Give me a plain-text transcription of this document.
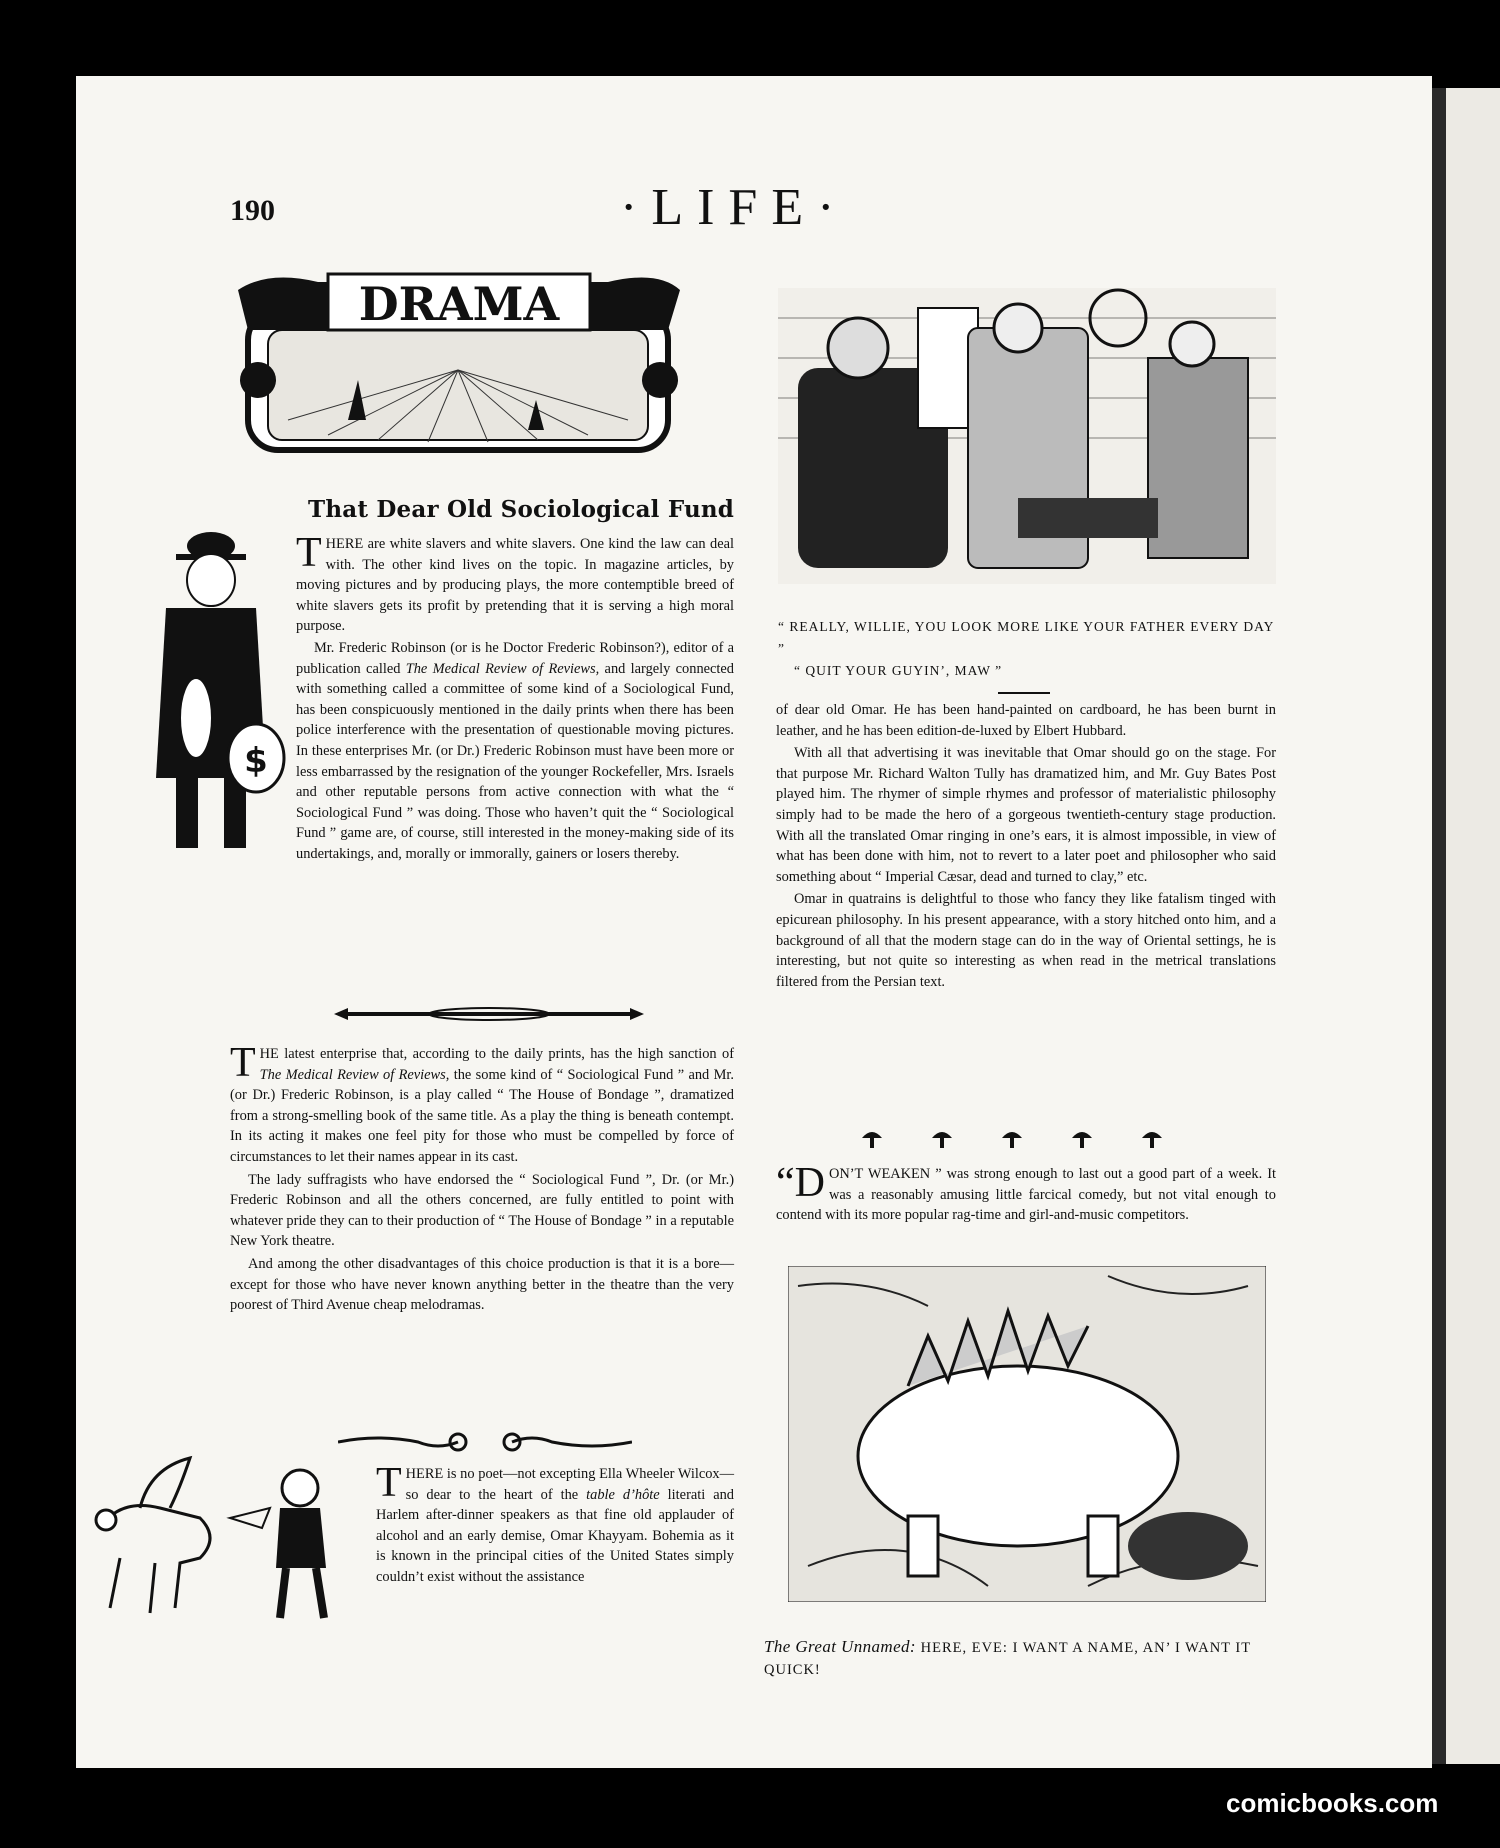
190	·LIFE·
DRAMA
That Dear Old Sociological Fund
$

THERE are white slavers and white slavers. One kind the law can deal with. The other kind lives on the topic. In magazine articles, by moving pictures and by producing plays, the more contemptible breed of white slavers gets its profit by pretending that it is serving a high moral purpose.

Mr. Frederic Robinson (or is he Doctor Frederic Robinson?), editor of a publication called The Medical Review of Reviews, and largely connected with something called a committee of some kind of a Sociological Fund, has been conspicuously mentioned in the daily prints when there has been police interference with the presentation of questionable moving pictures. In these enterprises Mr. (or Dr.) Frederic Robinson must have been more or less embarrassed by the resignation of the younger Rockefeller, Mrs. Israels and other reputable persons from active connection with what the “ Sociological Fund ” was doing. Those who haven’t quit the “ Sociological Fund ” game are, of course, still interested in the money-making side of its undertakings, and, morally or immorally, gainers or losers thereby.

THE latest enterprise that, according to the daily prints, has the high sanction of The Medical Review of Reviews, the some kind of “ Sociological Fund ” and Mr. (or Dr.) Frederic Robinson, is a play called “ The House of Bondage ”, dramatized from a strong-smelling book of the same title. As a play the thing is beneath contempt. In its acting it makes one feel pity for those who must be compelled by force of circumstances to let their names appear in its cast.

The lady suffragists who have endorsed the “ Sociological Fund ”, Dr. (or Mr.) Frederic Robinson and all the others concerned, are fully entitled to point with whatever pride they can to their production of “ The House of Bondage ” in a reputable New York theatre.

And among the other disadvantages of this choice production is that it is a bore—except for those who have never known anything better in the theatre than the very poorest of Third Avenue cheap melodramas.

THERE is no poet—not excepting Ella Wheeler Wilcox—so dear to the heart of the table d’hôte literati and Harlem after-dinner speakers as that fine old applauder of alcohol and an early demise, Omar Khayyam. Bohemia as it is known in the principal cities of the United States simply couldn’t exist without the assistance

“ REALLY, WILLIE, YOU LOOK MORE LIKE YOUR FATHER EVERY DAY ”
“ QUIT YOUR GUYIN’, MAW ”

of dear old Omar. He has been hand-painted on cardboard, he has been burnt in leather, and he has been edition-de-luxed by Elbert Hubbard.

With all that advertising it was inevitable that Omar should go on the stage. For that purpose Mr. Richard Walton Tully has dramatized him, and Mr. Guy Bates Post played him. The rhymer of simple rhymes and professor of materialistic philosophy simply had to be made the hero of a gorgeous twentieth-century stage production. With all the translated Omar ringing in one’s ears, it is almost impossible, in view of what has been done with him, not to revert to a later poet and philosopher who said something about “ Imperial Cæsar, dead and turned to clay,” etc.

Omar in quatrains is delightful to those who fancy they like fatalism tinged with epicurean philosophy. In his present appearance, with a story hitched onto him, and a background of all that the modern stage can do in the way of Oriental settings, he is interesting, but not quite so interesting as when read in the metrical translations filtered from the Persian text.

“DON’T WEAKEN ” was strong enough to last out a good part of a week. It was a reasonably amusing little farcical comedy, but not vital enough to contend with its more popular rag-time and girl-and-music competitors.

The Great Unnamed: HERE, EVE: I WANT A NAME, AN’ I WANT IT QUICK!
comicbooks.com
